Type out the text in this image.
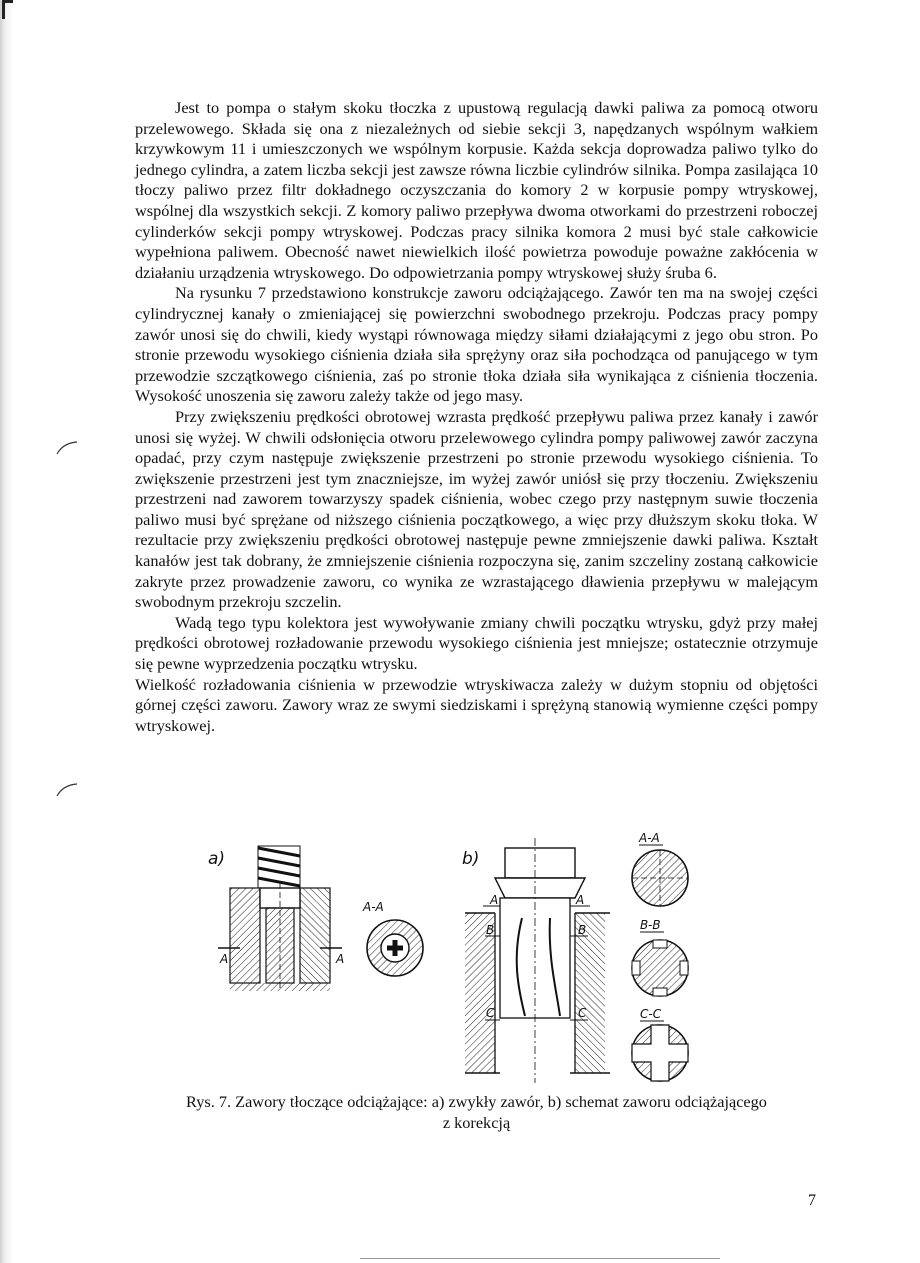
Jest to pompa o stałym skoku tłoczka z upustową regulacją dawki paliwa za pomocą otworu przelewowego. Składa się ona z niezależnych od siebie sekcji 3, napędzanych wspólnym wałkiem krzywkowym 11 i umieszczonych we wspólnym korpusie. Każda sekcja doprowadza paliwo tylko do jednego cylindra, a zatem liczba sekcji jest zawsze równa liczbie cylindrów silnika. Pompa zasilająca 10 tłoczy paliwo przez filtr dokładnego oczyszczania do komory 2 w korpusie pompy wtryskowej, wspólnej dla wszystkich sekcji. Z komory paliwo przepływa dwoma otworkami do przestrzeni roboczej cylinderków sekcji pompy wtryskowej. Podczas pracy silnika komora 2 musi być stale całkowicie wypełniona paliwem. Obecność nawet niewielkich ilość powietrza powoduje poważne zakłócenia w działaniu urządzenia wtryskowego. Do odpowietrzania pompy wtryskowej służy śruba 6.

Na rysunku 7 przedstawiono konstrukcje zaworu odciążającego. Zawór ten ma na swojej części cylindrycznej kanały o zmieniającej się powierzchni swobodnego przekroju. Podczas pracy pompy zawór unosi się do chwili, kiedy wystąpi równowaga między siłami działającymi z jego obu stron. Po stronie przewodu wysokiego ciśnienia działa siła sprężyny oraz siła pochodząca od panującego w tym przewodzie szczątkowego ciśnienia, zaś po stronie tłoka działa siła wynikająca z ciśnienia tłoczenia. Wysokość unoszenia się zaworu zależy także od jego masy.

Przy zwiększeniu prędkości obrotowej wzrasta prędkość przepływu paliwa przez kanały i zawór unosi się wyżej. W chwili odsłonięcia otworu przelewowego cylindra pompy paliwowej zawór zaczyna opadać, przy czym następuje zwiększenie przestrzeni po stronie przewodu wysokiego ciśnienia. To zwiększenie przestrzeni jest tym znaczniejsze, im wyżej zawór uniósł się przy tłoczeniu. Zwiększeniu przestrzeni nad zaworem towarzyszy spadek ciśnienia, wobec czego przy następnym suwie tłoczenia paliwo musi być sprężane od niższego ciśnienia początkowego, a więc przy dłuższym skoku tłoka. W rezultacie przy zwiększeniu prędkości obrotowej następuje pewne zmniejszenie dawki paliwa. Kształt kanałów jest tak dobrany, że zmniejszenie ciśnienia rozpoczyna się, zanim szczeliny zostaną całkowicie zakryte przez prowadzenie zaworu, co wynika ze wzrastającego dławienia przepływu w malejącym swobodnym przekroju szczelin.

Wadą tego typu kolektora jest wywoływanie zmiany chwili początku wtrysku, gdyż przy małej prędkości obrotowej rozładowanie przewodu wysokiego ciśnienia jest mniejsze; ostatecznie otrzymuje się pewne wyprzedzenia początku wtrysku.

Wielkość rozładowania ciśnienia w przewodzie wtryskiwacza zależy w dużym stopniu od objętości górnej części zaworu. Zawory wraz ze swymi siedziskami i sprężyną stanowią wymienne części pompy wtryskowej.

a)
A	A
A-A
b)
A	A
B	B
C	C
A-A
B-B
C-C
Rys. 7. Zawory tłoczące odciążające: a) zwykły zawór, b) schemat zaworu odciążającego
z korekcją
7
